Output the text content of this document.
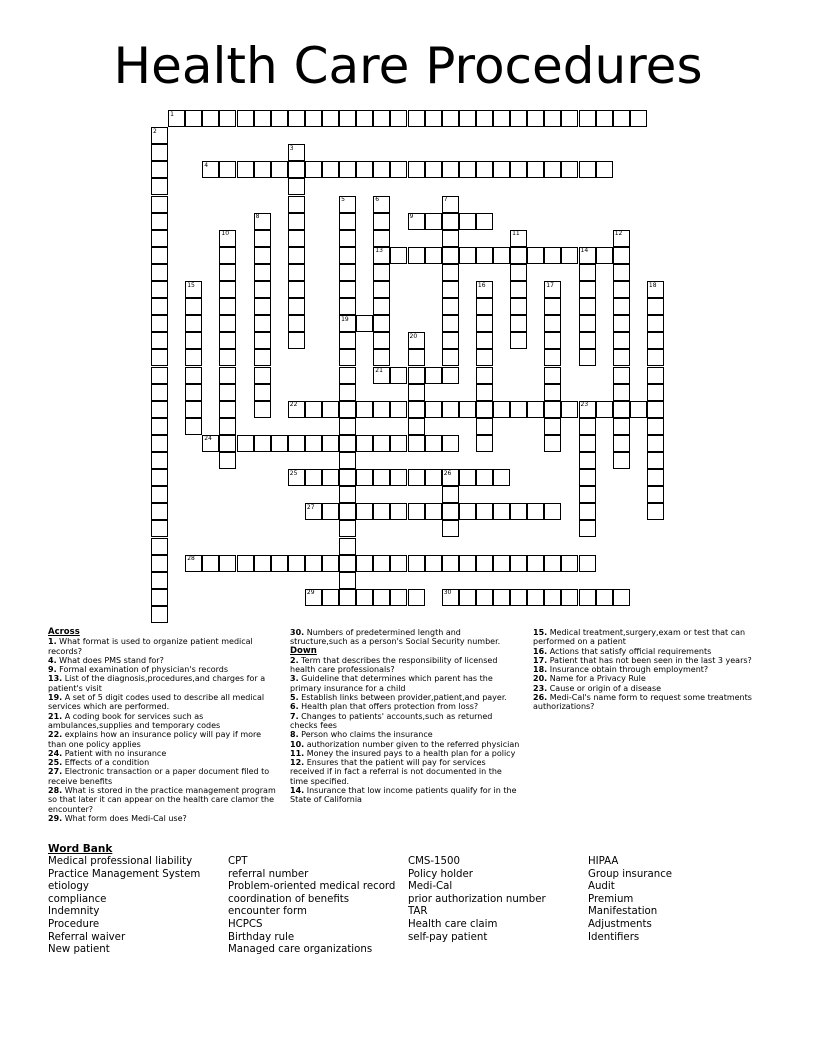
Health Care Procedures
1
2
3
4
5
19
6
13
21
7
8	9
10	11	12
14
15	16	17	18
20
22	23
24
25	26
27
28
29	30
Across
1. What format is used to organize patient medical records?
4. What does PMS stand for?
9. Formal examination of physician's records
13. List of the diagnosis,procedures,and charges for a patient's visit
19. A set of 5 digit codes used to describe all medical services which are performed.
21. A coding book for services such as ambulances,supplies and temporary codes
22. explains how an insurance policy will pay if more than one policy applies
24. Patient with no insurance
25. Effects of a condition
27. Electronic transaction or a paper document filed to receive benefits
28. What is stored in the practice management program so that later it can appear on the health care clamor the encounter?
29. What form does Medi-Cal use?
30. Numbers of predetermined length and structure,such as a person's Social Security number.
Down
2. Term that describes the responsibility of licensed health care professionals?
3. Guideline that determines which parent has the primary insurance for a child
5. Establish links between provider,patient,and payer.
6. Health plan that offers protection from loss?
7. Changes to patients' accounts,such as returned checks fees
8. Person who claims the insurance
10. authorization number given to the referred physician
11. Money the insured pays to a health plan for a policy
12. Ensures that the patient will pay for services received if in fact a referral is not documented in the time specified.
14. Insurance that low income patients qualify for in the State of California
15. Medical treatment,surgery,exam or test that can performed on a patient
16. Actions that satisfy official requirements
17. Patient that has not been seen in the last 3 years?
18. Insurance obtain through employment?
20. Name for a Privacy Rule
23. Cause or origin of a disease
26. Medi-Cal's name form to request some treatments authorizations?
Word Bank
Medical professional liability
Practice Management System
etiology
compliance
Indemnity
Procedure
Referral waiver
New patient
CPT
referral number
Problem-oriented medical record
coordination of benefits
encounter form
HCPCS
Birthday rule
Managed care organizations
CMS-1500
Policy holder
Medi-Cal
prior authorization number
TAR
Health care claim
self-pay patient
HIPAA
Group insurance
Audit
Premium
Manifestation
Adjustments
Identifiers
